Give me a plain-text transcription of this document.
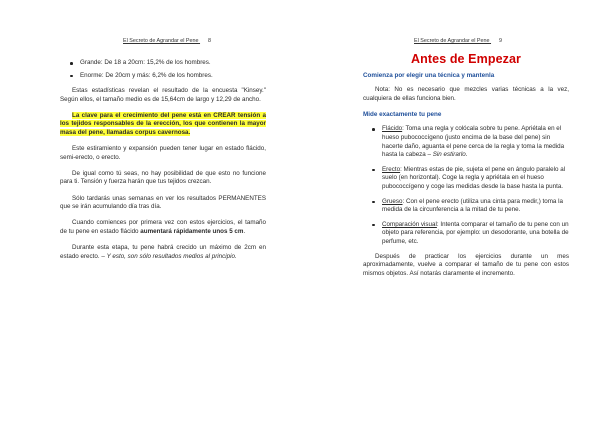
El Secreto de Agrandar el Pene 8
Grande: De 18 a 20cm: 15,2% de los hombres.
Enorme: De 20cm y más: 6,2% de los hombres.

Estas estadísticas revelan el resultado de la encuesta "Kinsey." Según ellos, el tamaño medio es de 15,64cm de largo y 12,29 de ancho.

La clave para el crecimiento del pene está en CREAR tensión a los tejidos responsables de la erección, los que contienen la mayor masa del pene, llamadas corpus cavernosa.

Este estiramiento y expansión pueden tener lugar en estado flácido, semi-erecto, o erecto.

De igual como tú seas, no hay posibilidad de que esto no funcione para ti. Tensión y fuerza harán que tus tejidos crezcan.

Sólo tardarás unas semanas en ver los resultados PERMANENTES que se irán acumulando día tras día.

Cuando comiences por primera vez con estos ejercicios, el tamaño de tu pene en estado flácido aumentará rápidamente unos 5 cm.

Durante esta etapa, tu pene habrá crecido un máximo de 2cm en estado erecto. – Y esto, son sólo resultados medios al principio.

El Secreto de Agrandar el Pene 9
Antes de Empezar
Comienza por elegir una técnica y mantenla

Nota: No es necesario que mezcles varias técnicas a la vez, cualquiera de ellas funciona bien.

Mide exactamente tu pene
Flácido: Toma una regla y colócala sobre tu pene. Apriétala en el hueso pubococcígeno (justo encima de la base del pene) sin hacerte daño, aguanta el pene cerca de la regla y toma la medida hasta la cabeza – Sin estirarlo.
Erecto: Mientras estas de pie, sujeta el pene en ángulo paralelo al suelo (en horizontal). Coge la regla y apriétala en el hueso pubococcígeno y coge las medidas desde la base hasta la punta.
Grueso: Con el pene erecto (utiliza una cinta para medir,) toma la medida de la circunferencia a la mitad de tu pene.
Comparación visual: Intenta comparar el tamaño de tu pene con un objeto para referencia, por ejemplo: un desodorante, una botella de perfume, etc.

Después de practicar los ejercicios durante un mes aproximadamente, vuelve a comparar el tamaño de tu pene con estos mismos objetos. Así notarás claramente el incremento.
